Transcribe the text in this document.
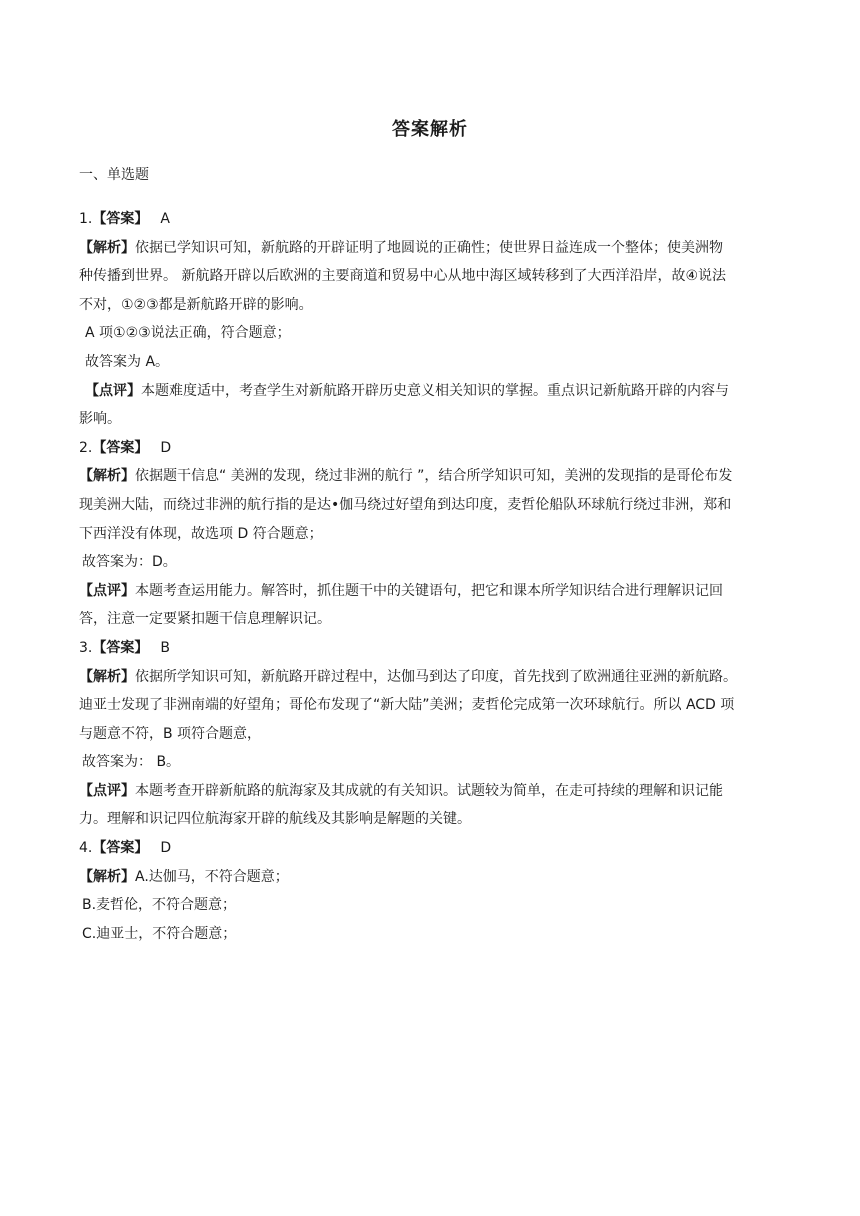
答案解析
一、单选题
1.【答案】 A
【解析】依据已学知识可知，新航路的开辟证明了地圆说的正确性；使世界日益连成一个整体；使美洲物
种传播到世界。 新航路开辟以后欧洲的主要商道和贸易中心从地中海区域转移到了大西洋沿岸，故④说法
不对，①②③都是新航路开辟的影响。
A 项①②③说法正确，符合题意；
故答案为 A。
【点评】本题难度适中，考查学生对新航路开辟历史意义相关知识的掌握。重点识记新航路开辟的内容与
影响。
2.【答案】 D
【解析】依据题干信息“ 美洲的发现，绕过非洲的航行 ”，结合所学知识可知，美洲的发现指的是哥伦布发
现美洲大陆，而绕过非洲的航行指的是达•伽马绕过好望角到达印度，麦哲伦船队环球航行绕过非洲，郑和
下西洋没有体现，故选项 D 符合题意；
故答案为：D。
【点评】本题考查运用能力。解答时，抓住题干中的关键语句，把它和课本所学知识结合进行理解识记回
答，注意一定要紧扣题干信息理解识记。
3.【答案】 B
【解析】依据所学知识可知，新航路开辟过程中，达伽马到达了印度，首先找到了欧洲通往亚洲的新航路。
迪亚士发现了非洲南端的好望角；哥伦布发现了“新大陆”美洲；麦哲伦完成第一次环球航行。所以 ACD 项
与题意不符，B 项符合题意，
故答案为： B。
【点评】本题考查开辟新航路的航海家及其成就的有关知识。试题较为简单，在走可持续的理解和识记能
力。理解和识记四位航海家开辟的航线及其影响是解题的关键。
4.【答案】 D
【解析】A.达伽马，不符合题意；
B.麦哲伦，不符合题意；
C.迪亚士，不符合题意；
